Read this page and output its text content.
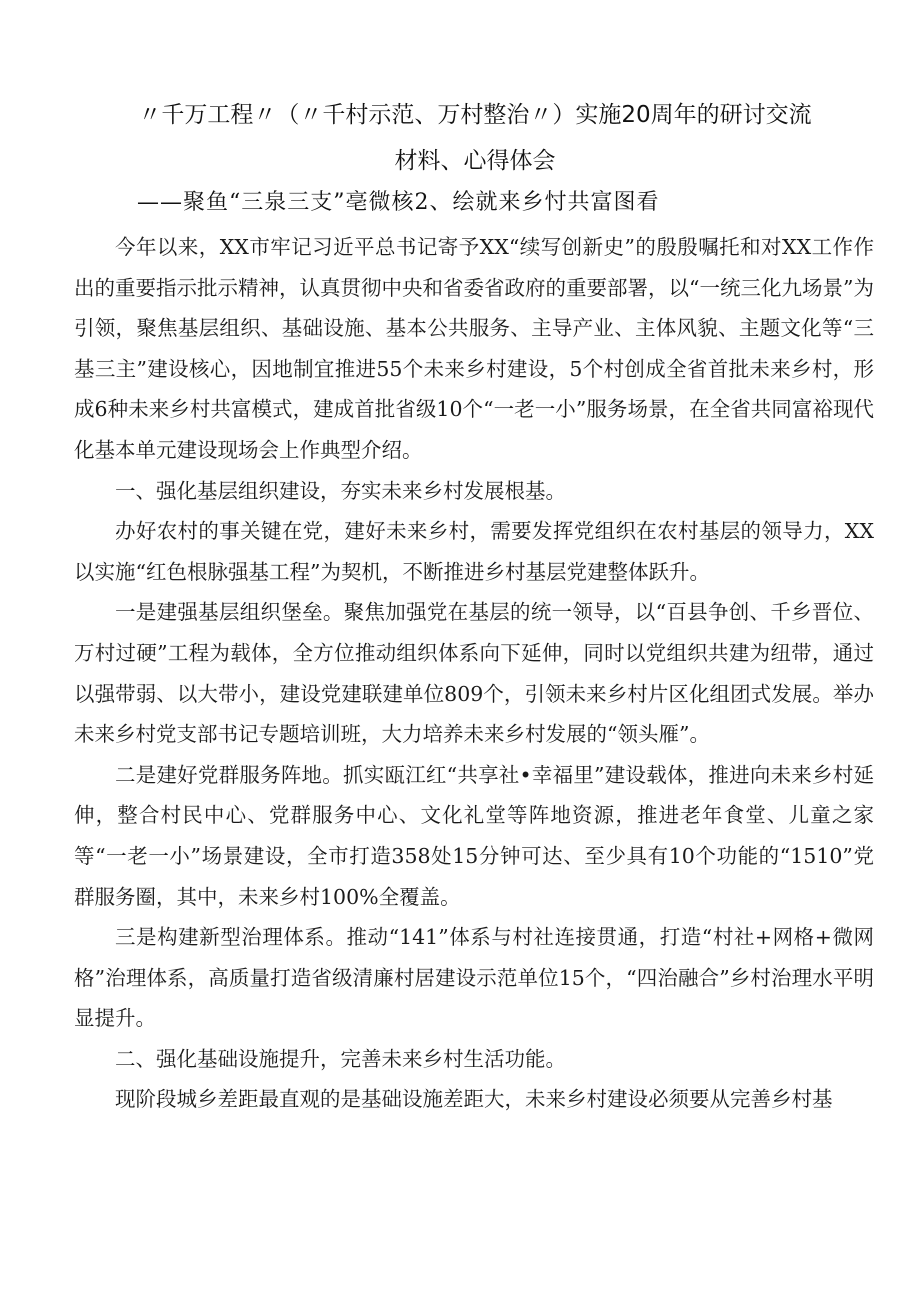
〃千万工程〃（〃千村示范、万村整治〃）实施20周年的研讨交流
材料、心得体会
——聚鱼“三泉三支”亳微核2、绘就来乡忖共富图看

今年以来，XX市牢记习近平总书记寄予XX“续写创新史”的殷殷嘱托和对XX工作作出的重要指示批示精神，认真贯彻中央和省委省政府的重要部署，以“一统三化九场景”为引领，聚焦基层组织、基础设施、基本公共服务、主导产业、主体风貌、主题文化等“三基三主”建设核心，因地制宜推进55个未来乡村建设，5个村创成全省首批未来乡村，形成6种未来乡村共富模式，建成首批省级10个“一老一小”服务场景，在全省共同富裕现代化基本单元建设现场会上作典型介绍。

一、强化基层组织建设，夯实未来乡村发展根基。

办好农村的事关键在党，建好未来乡村，需要发挥党组织在农村基层的领导力，XX以实施“红色根脉强基工程”为契机，不断推进乡村基层党建整体跃升。

一是建强基层组织堡垒。聚焦加强党在基层的统一领导，以“百县争创、千乡晋位、万村过硬”工程为载体，全方位推动组织体系向下延伸，同时以党组织共建为纽带，通过以强带弱、以大带小，建设党建联建单位809个，引领未来乡村片区化组团式发展。举办未来乡村党支部书记专题培训班，大力培养未来乡村发展的“领头雁”。

二是建好党群服务阵地。抓实瓯江红“共享社•幸福里”建设载体，推进向未来乡村延伸，整合村民中心、党群服务中心、文化礼堂等阵地资源，推进老年食堂、儿童之家等“一老一小”场景建设，全市打造358处15分钟可达、至少具有10个功能的“1510”党群服务圈，其中，未来乡村100%全覆盖。

三是构建新型治理体系。推动“141”体系与村社连接贯通，打造“村社+网格+微网格”治理体系，高质量打造省级清廉村居建设示范单位15个，“四治融合”乡村治理水平明显提升。

二、强化基础设施提升，完善未来乡村生活功能。

现阶段城乡差距最直观的是基础设施差距大，未来乡村建设必须要从完善乡村基
